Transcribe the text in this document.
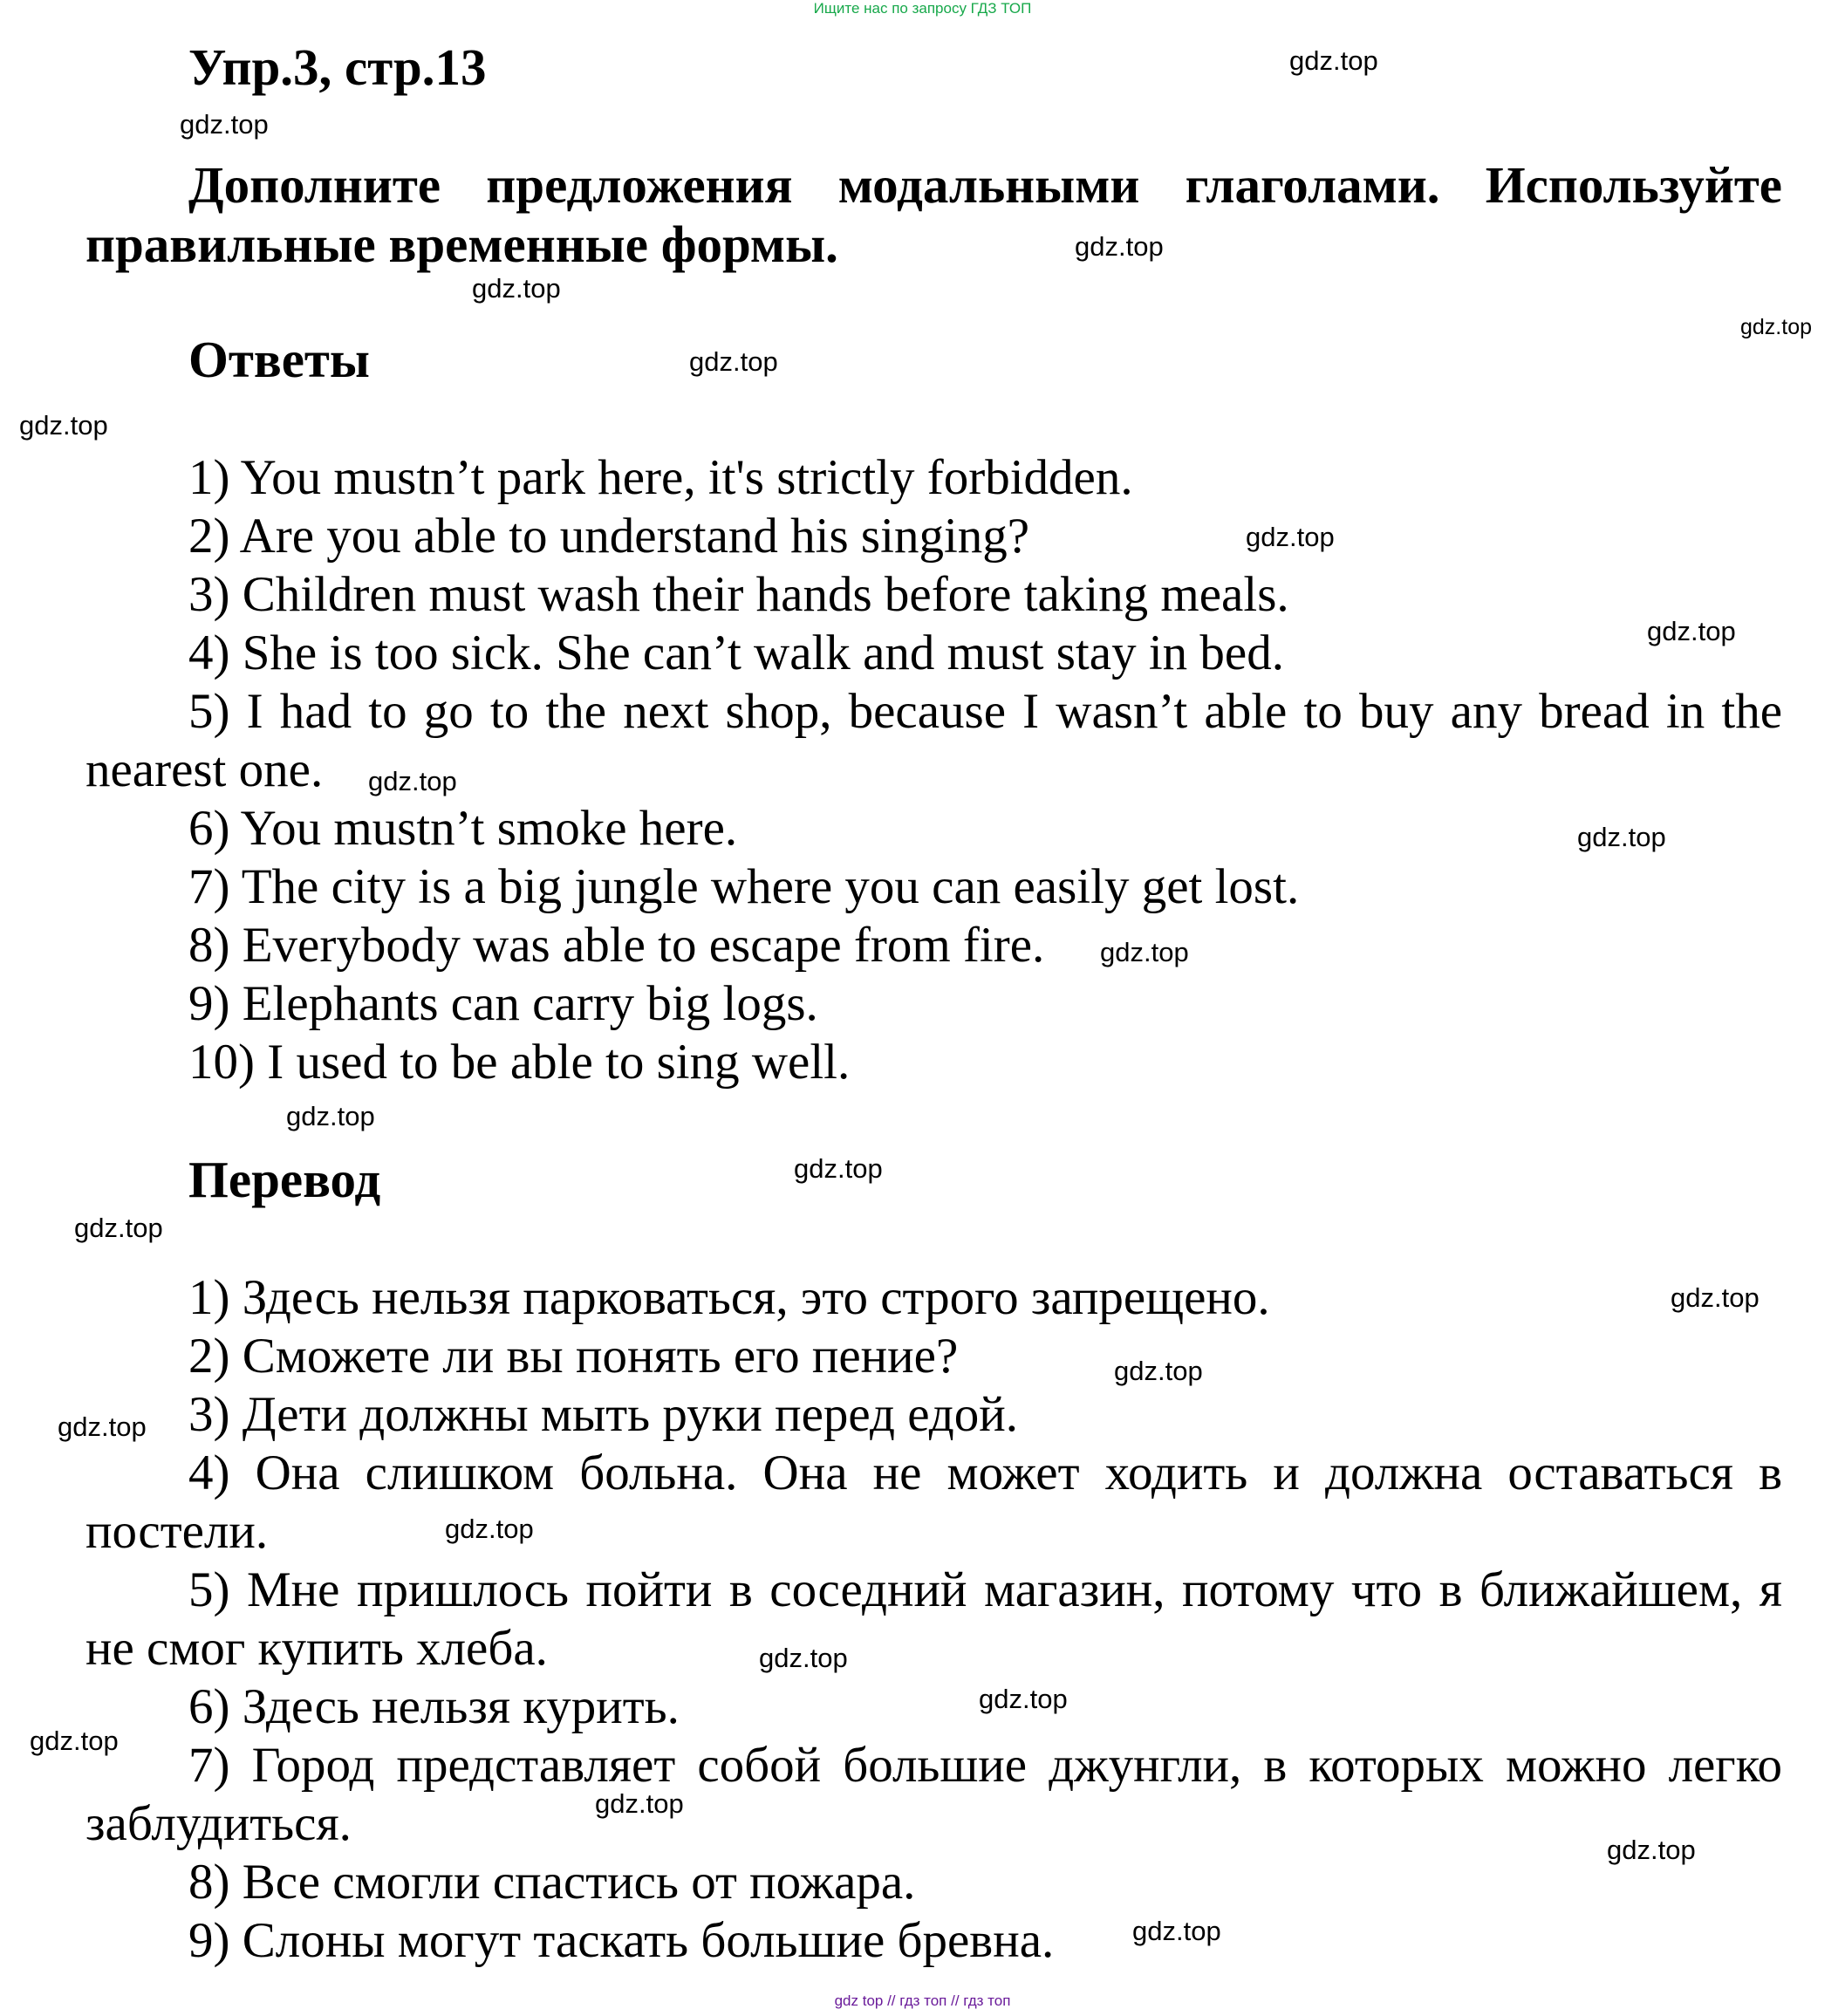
Ищите нас по запросу ГДЗ ТОП
Упр.3, стр.13
Дополните предложения модальными глаголами. Используйте правильные временные формы.
Ответы

1) You mustn’t park here, it's strictly forbidden.

2) Are you able to understand his singing?

3) Children must wash their hands before taking meals.

4) She is too sick. She can’t walk and must stay in bed.

5) I had to go to the next shop, because I wasn’t able to buy any bread in the nearest one.

6) You mustn’t smoke here.

7) The city is a big jungle where you can easily get lost.

8) Everybody was able to escape from fire.

9) Elephants can carry big logs.

10) I used to be able to sing well.

Перевод

1) Здесь нельзя парковаться, это строго запрещено.

2) Сможете ли вы понять его пение?

3) Дети должны мыть руки перед едой.

4) Она слишком больна. Она не может ходить и должна оставаться в постели.

5) Мне пришлось пойти в соседний магазин, потому что в ближайшем, я не смог купить хлеба.

6) Здесь нельзя курить.

7) Город представляет собой большие джунгли, в которых можно легко заблудиться.

8) Все смогли спастись от пожара.

9) Слоны могут таскать большие бревна.

gdz.top
gdz.top
gdz.top
gdz.top
gdz.top
gdz.top
gdz.top
gdz.top
gdz.top
gdz.top
gdz.top
gdz.top
gdz.top
gdz.top
gdz.top
gdz.top
gdz.top
gdz.top
gdz.top
gdz.top
gdz.top
gdz.top
gdz.top
gdz.top
gdz.top
gdz top // гдз топ // гдз топ
